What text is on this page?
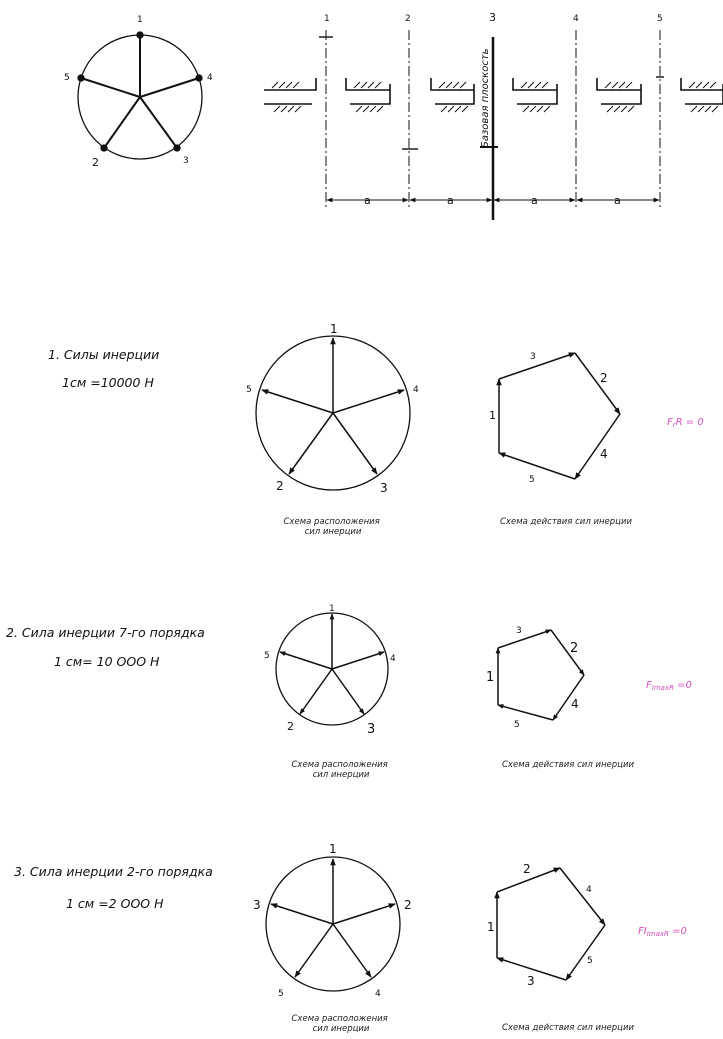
1
4
3
2
5
1	2	3	4	5
Базовая плоскость
a	a	a	a
1. Силы инерции
1см =10000 Н
1
2	3
4
5
1
3
2
4
5
Схема расположения сил инерции
Схема действия сил инерции
$F_rR = 0$
2. Сила инерции 7-го порядка
1 см= 10 ООО Н
1
2	3
4
5
1
3
2
4
5
Схема расположения сил инерции
Схема действия сил инерции
$F_{ImaxR} =0$
3. Сила инерции 2-го порядка
1 см =2 ООО Н
1
3
5
2
4
1
2
4
5
3
Схема расположения сил инерции	Схема действия сил инерции
$FI_{ImaxR} =0$
